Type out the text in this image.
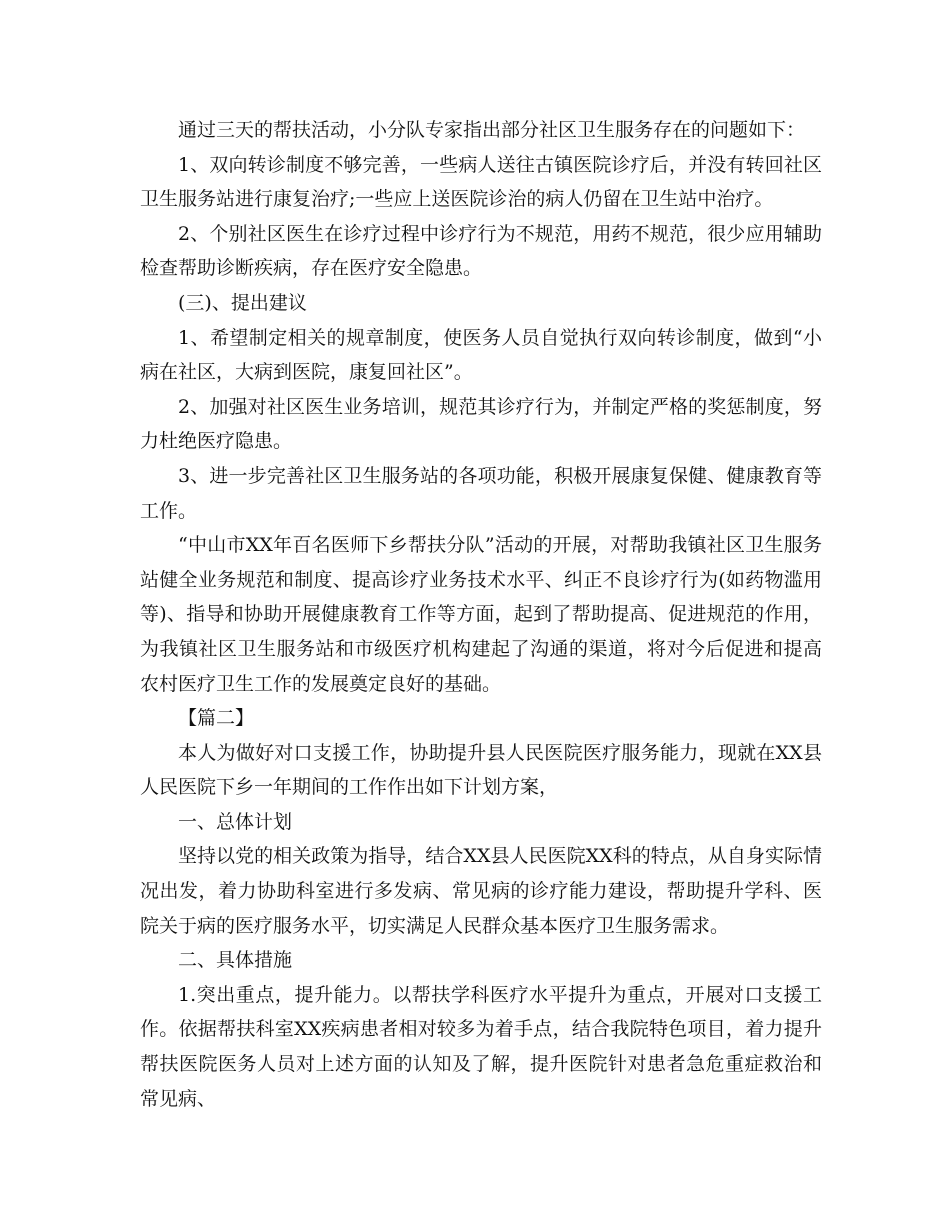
通过三天的帮扶活动，小分队专家指出部分社区卫生服务存在的问题如下：

1、双向转诊制度不够完善，一些病人送往古镇医院诊疗后，并没有转回社区卫生服务站进行康复治疗;一些应上送医院诊治的病人仍留在卫生站中治疗。

2、个别社区医生在诊疗过程中诊疗行为不规范，用药不规范，很少应用辅助检查帮助诊断疾病，存在医疗安全隐患。

(三)、提出建议

1、希望制定相关的规章制度，使医务人员自觉执行双向转诊制度，做到“小病在社区，大病到医院，康复回社区”。

2、加强对社区医生业务培训，规范其诊疗行为，并制定严格的奖惩制度，努力杜绝医疗隐患。

3、进一步完善社区卫生服务站的各项功能，积极开展康复保健、健康教育等工作。

“中山市XX年百名医师下乡帮扶分队”活动的开展，对帮助我镇社区卫生服务站健全业务规范和制度、提高诊疗业务技术水平、纠正不良诊疗行为(如药物滥用等)、指导和协助开展健康教育工作等方面，起到了帮助提高、促进规范的作用，为我镇社区卫生服务站和市级医疗机构建起了沟通的渠道，将对今后促进和提高农村医疗卫生工作的发展奠定良好的基础。

【篇二】

本人为做好对口支援工作，协助提升县人民医院医疗服务能力，现就在XX县人民医院下乡一年期间的工作作出如下计划方案，

一、总体计划

坚持以党的相关政策为指导，结合XX县人民医院XX科的特点，从自身实际情况出发，着力协助科室进行多发病、常见病的诊疗能力建设，帮助提升学科、医院关于病的医疗服务水平，切实满足人民群众基本医疗卫生服务需求。

二、具体措施

1.突出重点，提升能力。以帮扶学科医疗水平提升为重点，开展对口支援工作。依据帮扶科室XX疾病患者相对较多为着手点，结合我院特色项目，着力提升帮扶医院医务人员对上述方面的认知及了解，提升医院针对患者急危重症救治和常见病、
